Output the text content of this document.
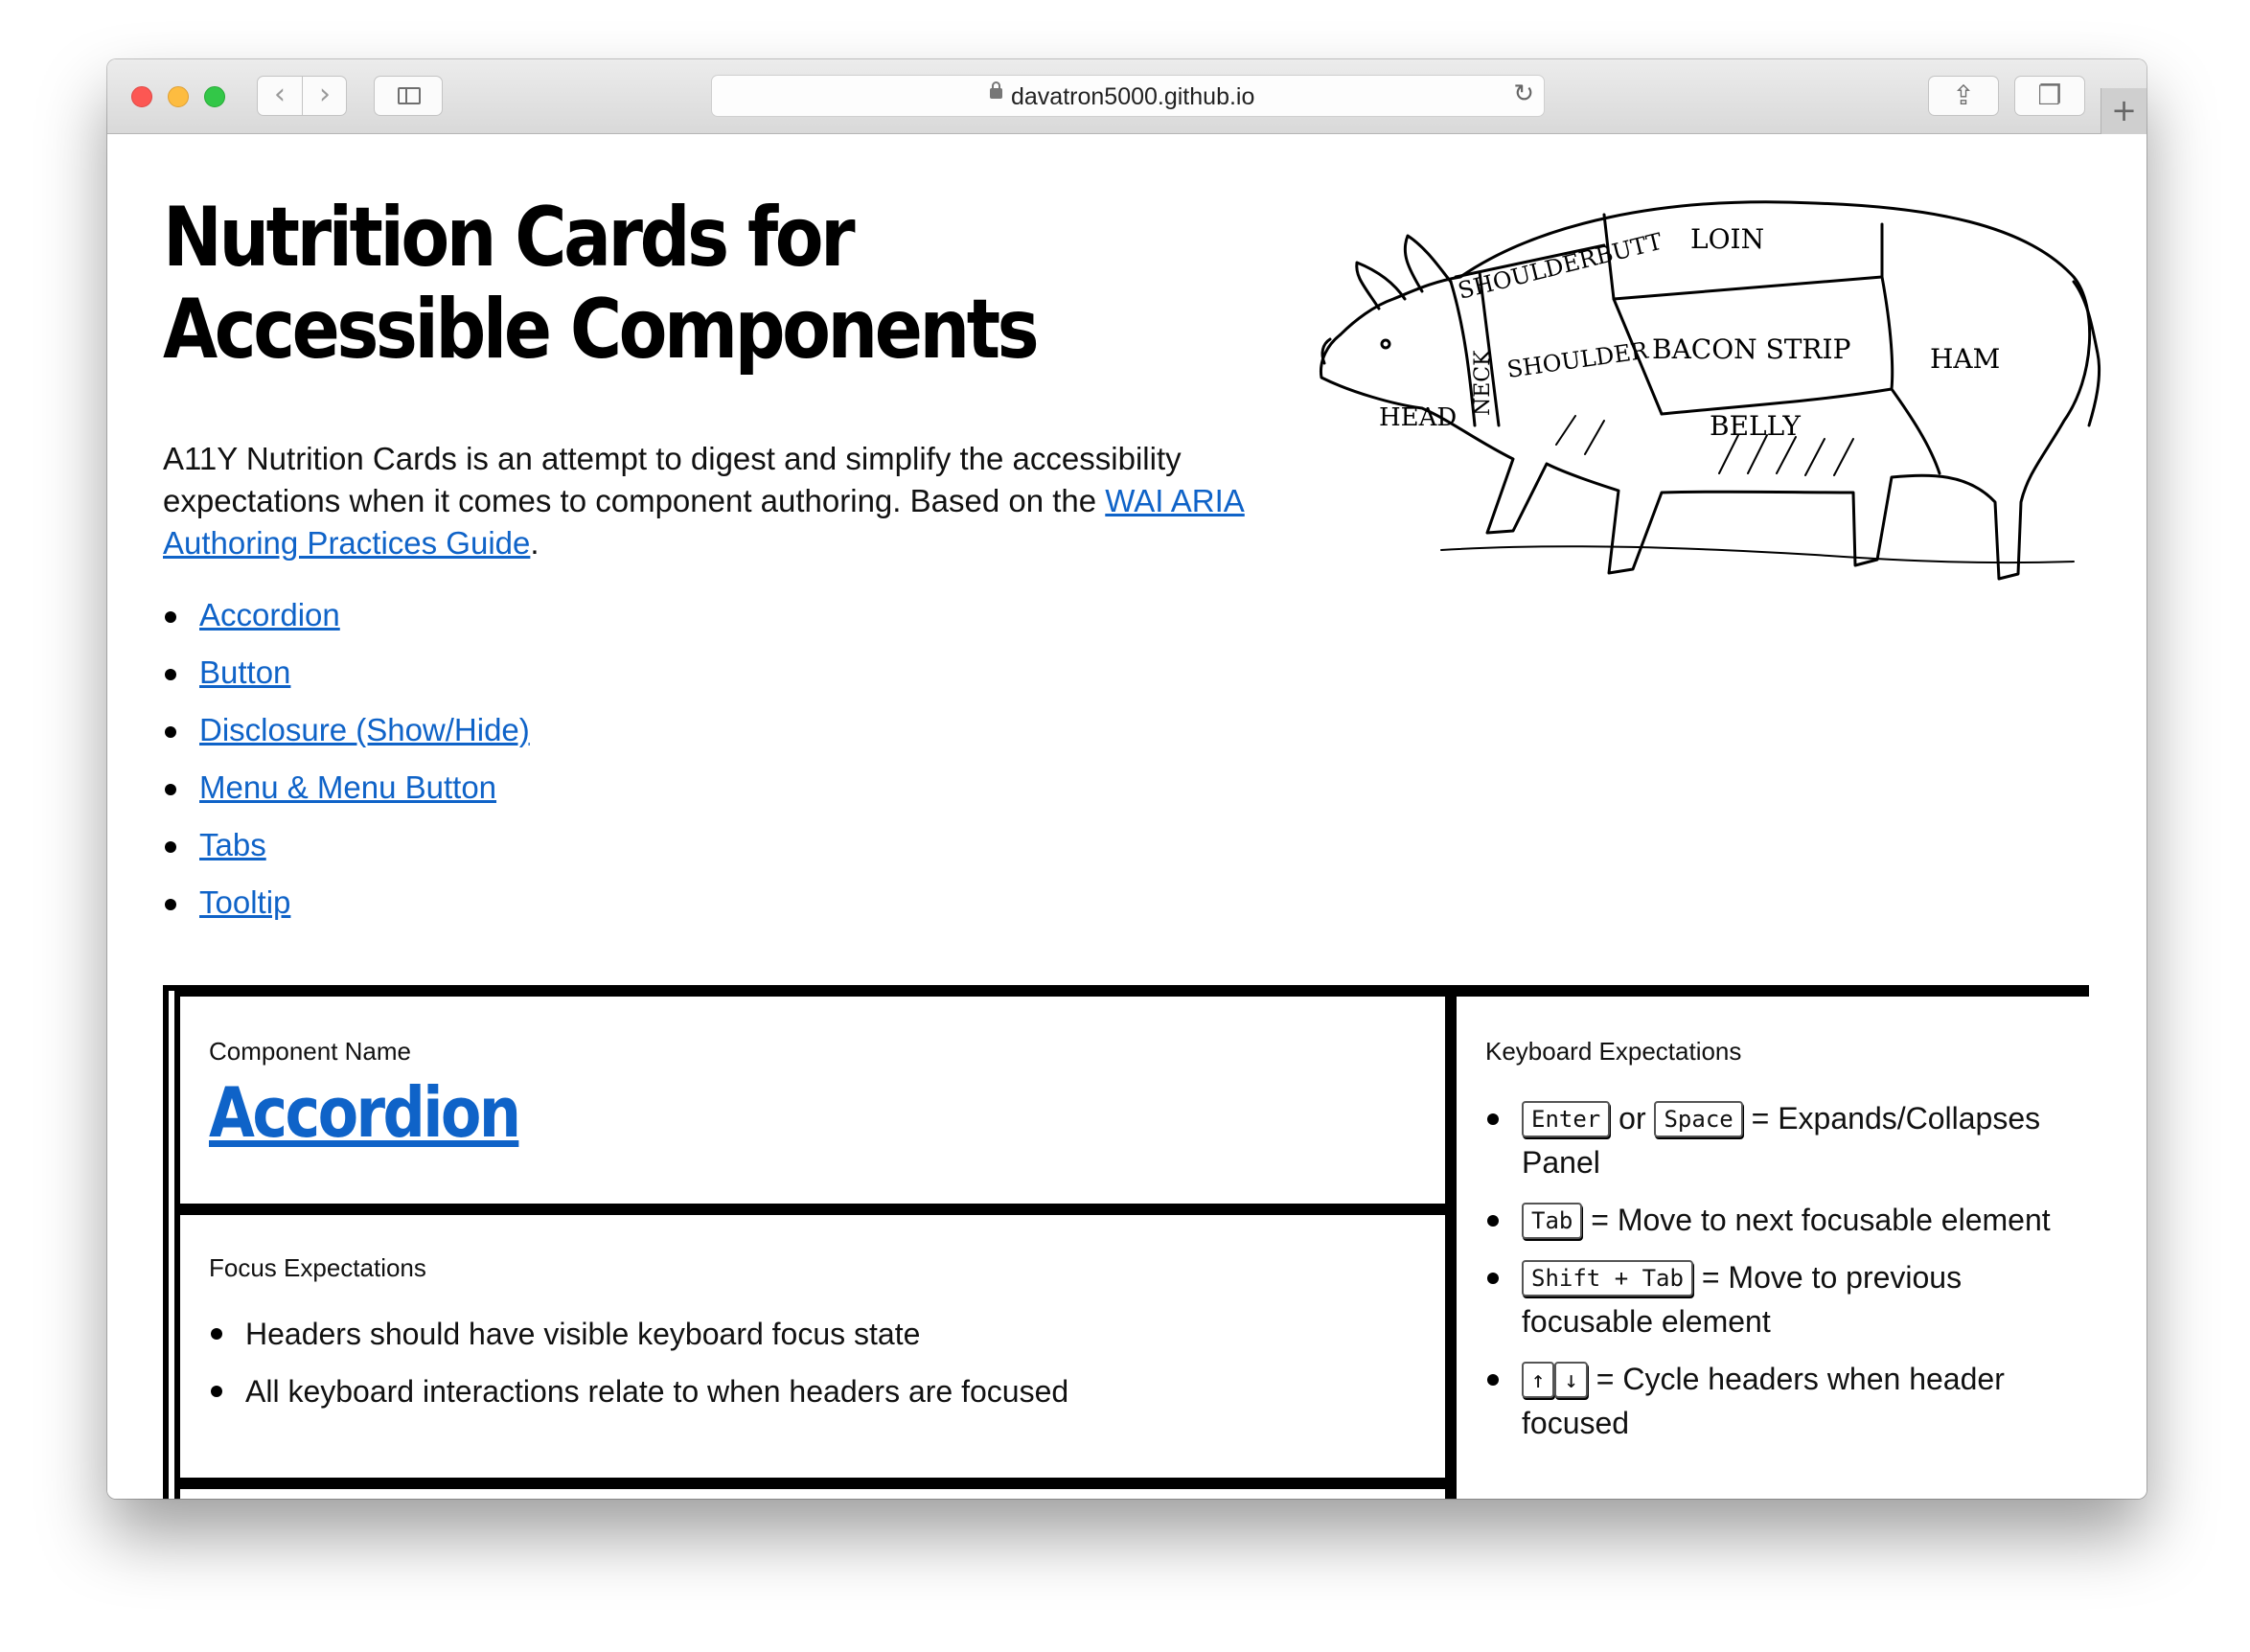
‹	›	davatron5000.github.io	↻	⇪	❐	+
Nutrition Cards for Accessible Components

A11Y Nutrition Cards is an attempt to digest and simplify the accessibility expectations when it comes to component authoring. Based on the WAI ARIA Authoring Practices Guide.

Accordion
Button
Disclosure (Show/Hide)
Menu & Menu Button
Tabs
Tooltip
SHOULDERBUTT LOIN
BACON STRIP
SHOULDER	HAM
NECK
HEAD	BELLY
Component Name
Accordion
Focus Expectations
Headers should have visible keyboard focus state
All keyboard interactions relate to when headers are focused
Keyboard Expectations
Enter or Space = Expands/Collapses Panel
Tab = Move to next focusable element
Shift + Tab = Move to previous focusable element
↑ ↓ = Cycle headers when header focused
